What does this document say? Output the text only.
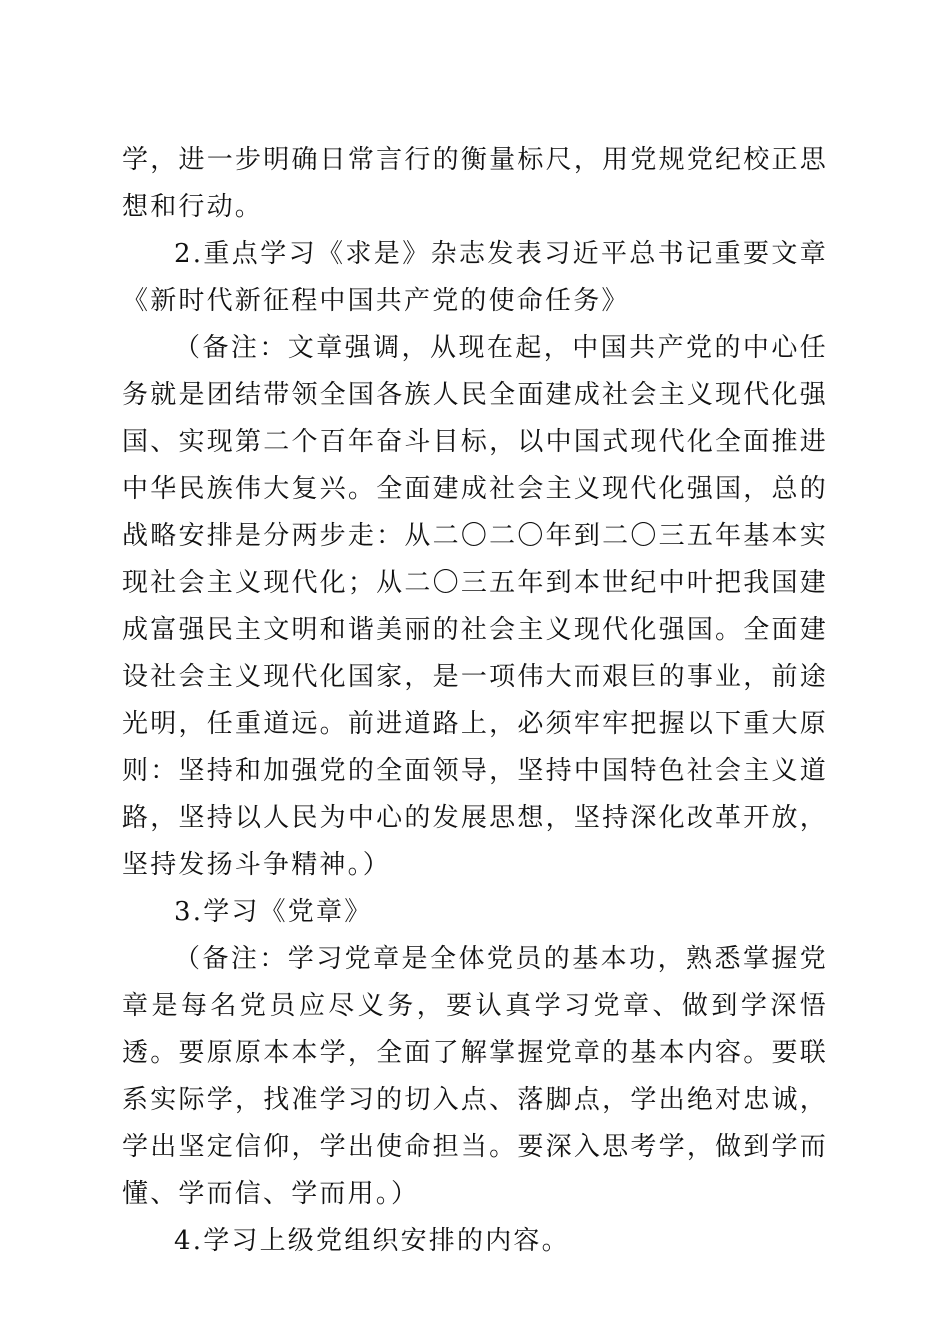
学，进一步明确日常言行的衡量标尺，用党规党纪校正思想和行动。

2.重点学习《求是》杂志发表习近平总书记重要文章《新时代新征程中国共产党的使命任务》

（备注：文章强调，从现在起，中国共产党的中心任务就是团结带领全国各族人民全面建成社会主义现代化强国、实现第二个百年奋斗目标，以中国式现代化全面推进中华民族伟大复兴。全面建成社会主义现代化强国，总的战略安排是分两步走：从二〇二〇年到二〇三五年基本实现社会主义现代化；从二〇三五年到本世纪中叶把我国建成富强民主文明和谐美丽的社会主义现代化强国。全面建设社会主义现代化国家，是一项伟大而艰巨的事业，前途光明，任重道远。前进道路上，必须牢牢把握以下重大原则：坚持和加强党的全面领导，坚持中国特色社会主义道路，坚持以人民为中心的发展思想，坚持深化改革开放，坚持发扬斗争精神。）

3.学习《党章》

（备注：学习党章是全体党员的基本功，熟悉掌握党章是每名党员应尽义务，要认真学习党章、做到学深悟透。要原原本本学，全面了解掌握党章的基本内容。要联系实际学，找准学习的切入点、落脚点，学出绝对忠诚，学出坚定信仰，学出使命担当。要深入思考学，做到学而懂、学而信、学而用。）

4.学习上级党组织安排的内容。
